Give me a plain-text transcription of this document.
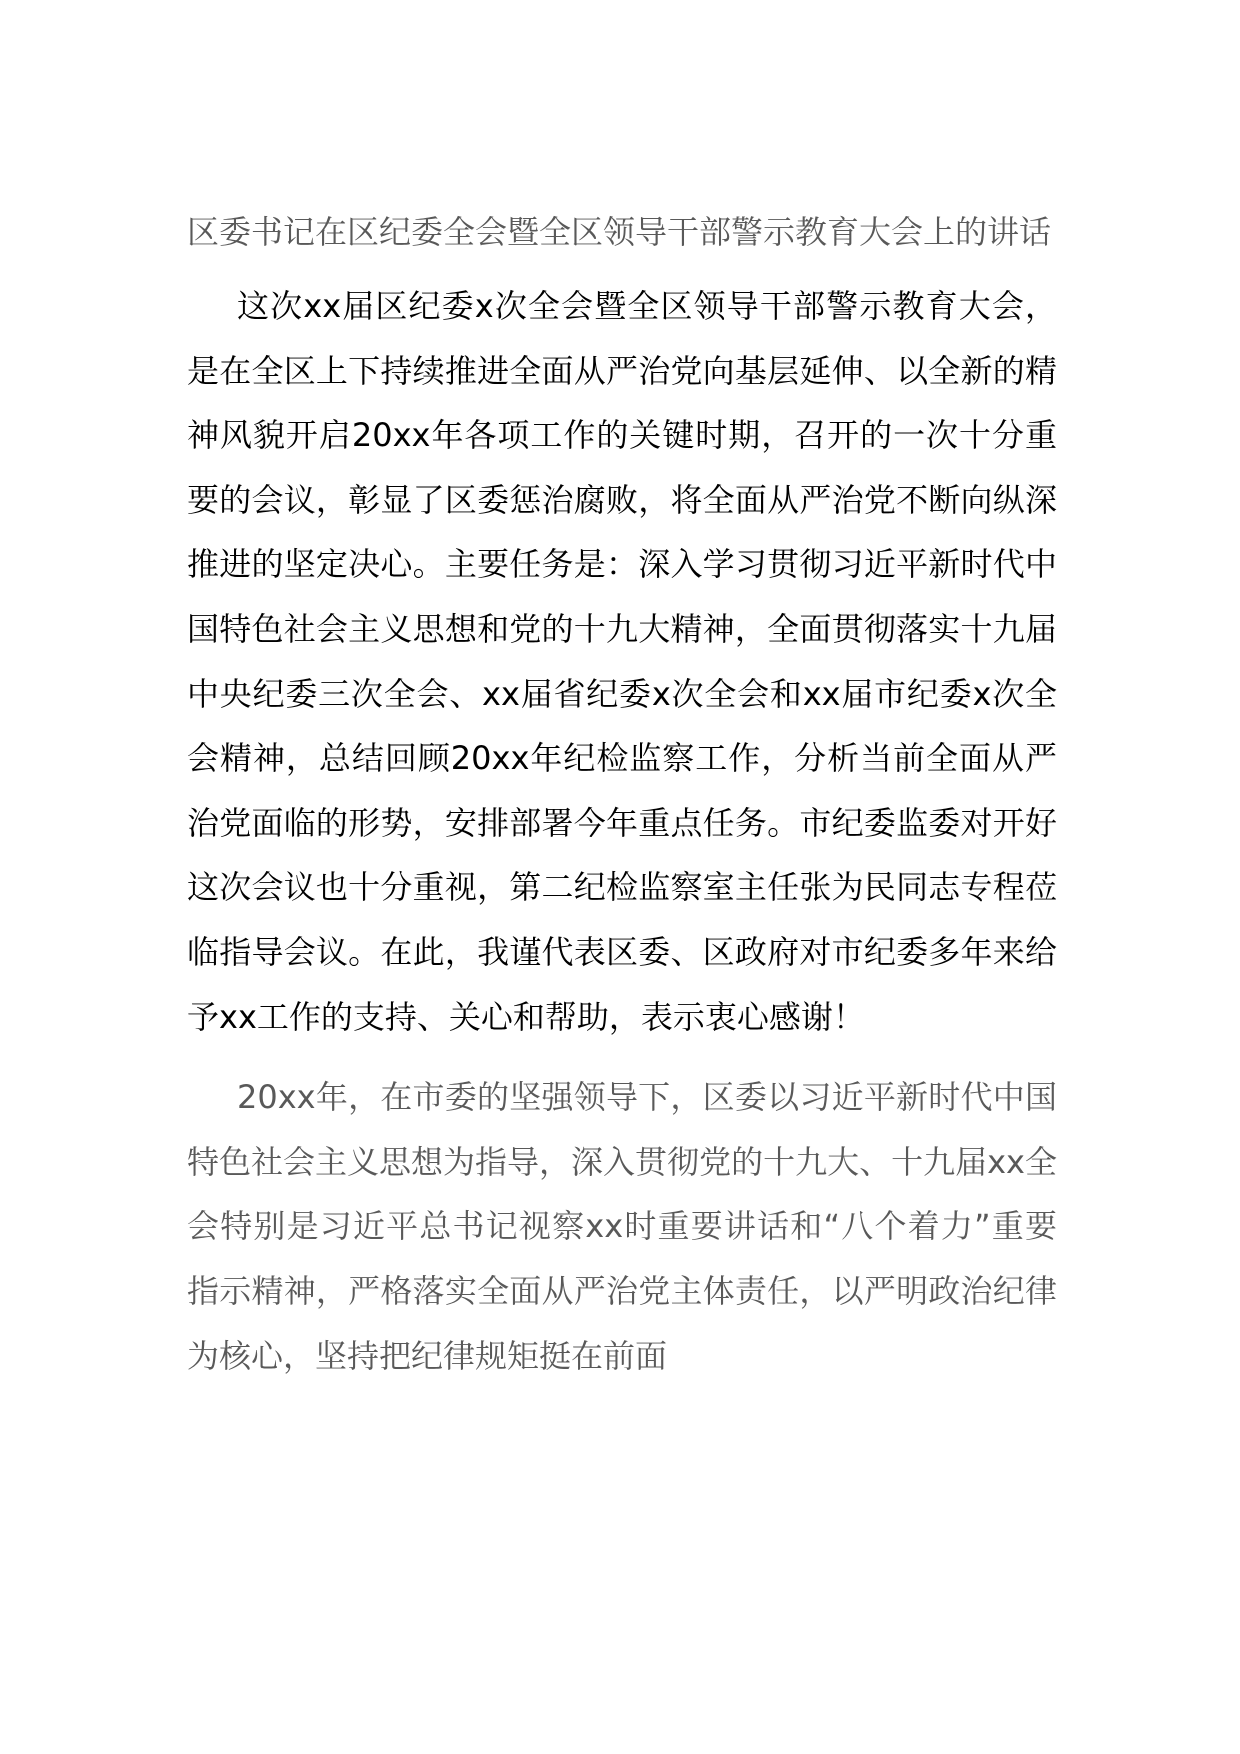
区委书记在区纪委全会暨全区领导干部警示教育大会上的讲话

这次xx届区纪委x次全会暨全区领导干部警示教育大会，是在全区上下持续推进全面从严治党向基层延伸、以全新的精神风貌开启20xx年各项工作的关键时期，召开的一次十分重要的会议，彰显了区委惩治腐败，将全面从严治党不断向纵深推进的坚定决心。主要任务是：深入学习贯彻习近平新时代中国特色社会主义思想和党的十九大精神，全面贯彻落实十九届中央纪委三次全会、xx届省纪委x次全会和xx届市纪委x次全会精神，总结回顾20xx年纪检监察工作，分析当前全面从严治党面临的形势，安排部署今年重点任务。市纪委监委对开好这次会议也十分重视，第二纪检监察室主任张为民同志专程莅临指导会议。在此，我谨代表区委、区政府对市纪委多年来给予xx工作的支持、关心和帮助，表示衷心感谢！

20xx年，在市委的坚强领导下，区委以习近平新时代中国特色社会主义思想为指导，深入贯彻党的十九大、十九届xx全会特别是习近平总书记视察xx时重要讲话和“八个着力”重要指示精神，严格落实全面从严治党主体责任，以严明政治纪律为核心，坚持把纪律规矩挺在前面
